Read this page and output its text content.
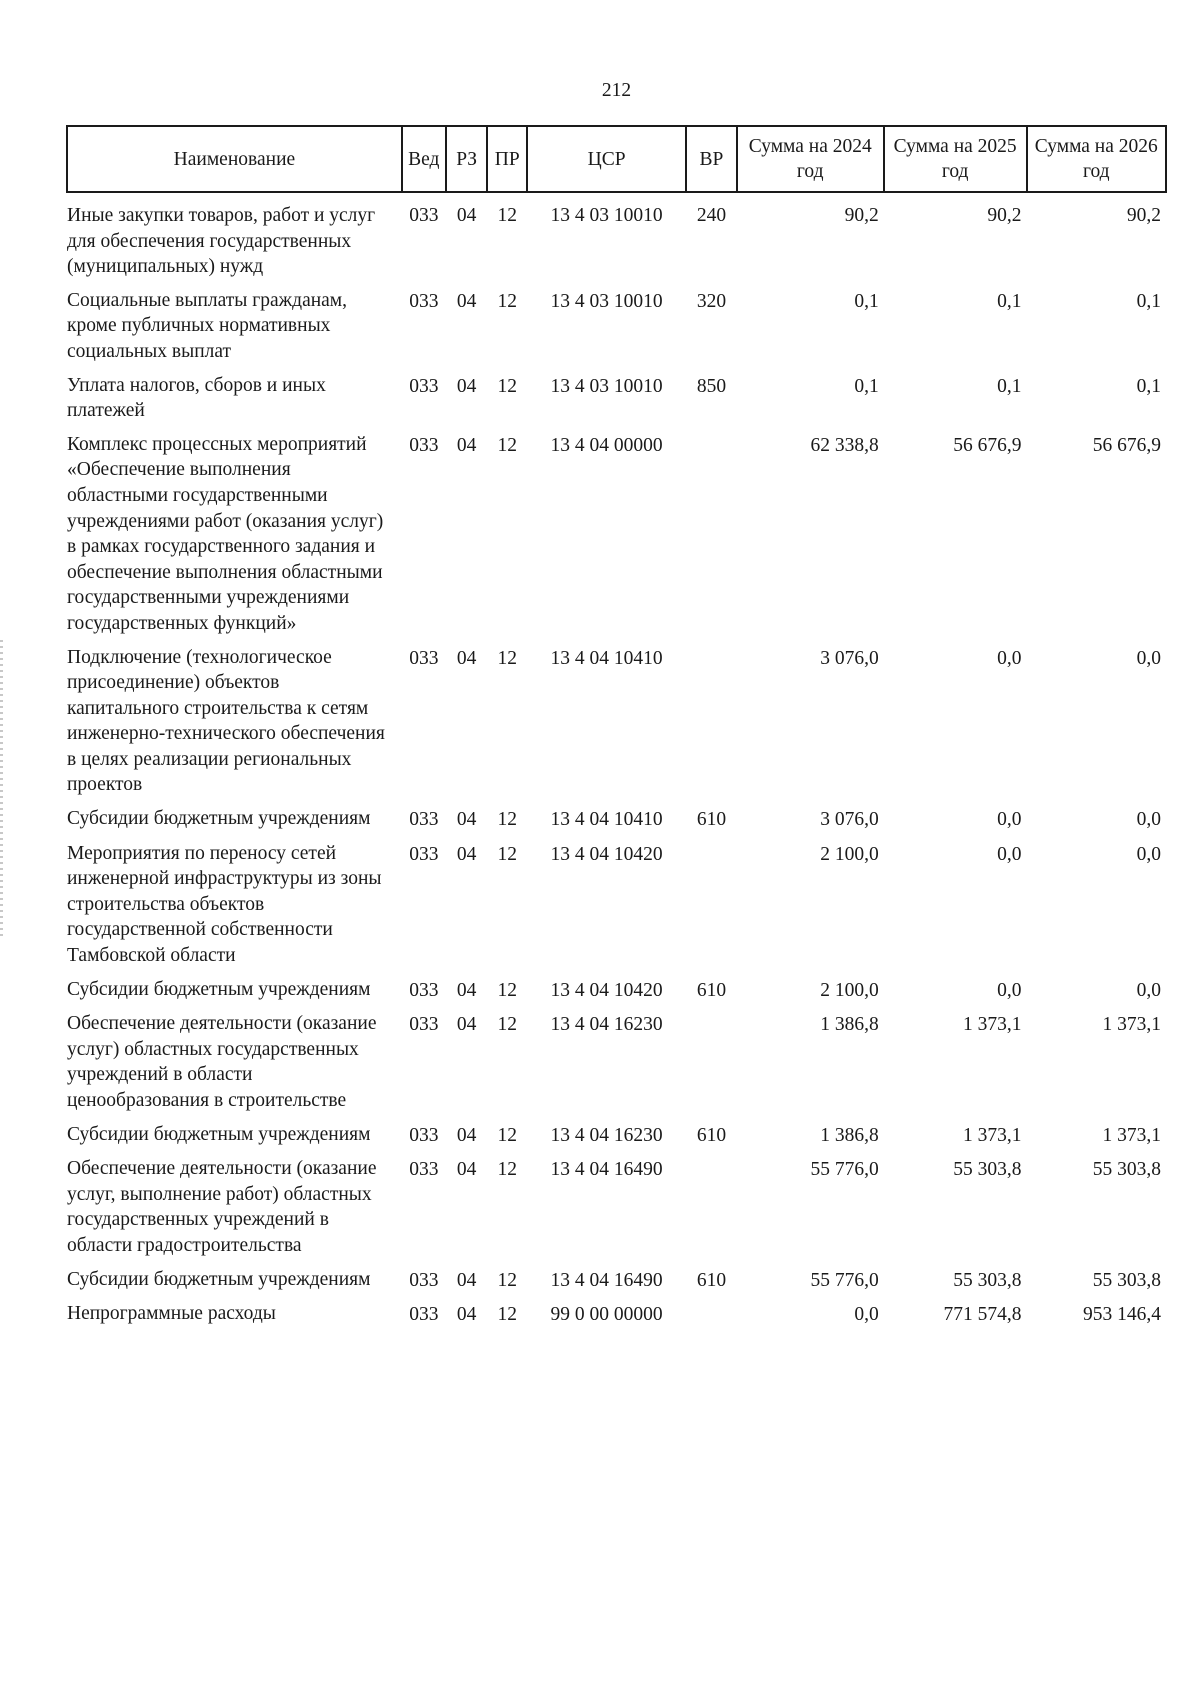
212
Наименование	Вед	РЗ	ПР	ЦСР	ВР	Сумма на 2024 год	Сумма на 2025 год	Сумма на 2026 год
Иные закупки товаров, работ и услуг для обеспечения государственных (муниципальных) нужд	033	04	12	13 4 03 10010	240	90,2	90,2	90,2
Социальные выплаты гражданам, кроме публичных нормативных социальных выплат	033	04	12	13 4 03 10010	320	0,1	0,1	0,1
Уплата налогов, сборов и иных платежей	033	04	12	13 4 03 10010	850	0,1	0,1	0,1
Комплекс процессных мероприятий «Обеспечение выполнения областными государственными учреждениями работ (оказания услуг) в рамках государственного задания и обеспечение выполнения областными государственными учреждениями государственных функций»	033	04	12	13 4 04 00000		62 338,8	56 676,9	56 676,9
Подключение (технологическое присоединение) объектов капитального строительства к сетям инженерно-технического обеспечения в целях реализации региональных проектов	033	04	12	13 4 04 10410		3 076,0	0,0	0,0
Субсидии бюджетным учреждениям	033	04	12	13 4 04 10410	610	3 076,0	0,0	0,0
Мероприятия по переносу сетей инженерной инфраструктуры из зоны строительства объектов государственной собственности Тамбовской области	033	04	12	13 4 04 10420		2 100,0	0,0	0,0
Субсидии бюджетным учреждениям	033	04	12	13 4 04 10420	610	2 100,0	0,0	0,0
Обеспечение деятельности (оказание услуг) областных государственных учреждений в области ценообразования в строительстве	033	04	12	13 4 04 16230		1 386,8	1 373,1	1 373,1
Субсидии бюджетным учреждениям	033	04	12	13 4 04 16230	610	1 386,8	1 373,1	1 373,1
Обеспечение деятельности (оказание услуг, выполнение работ) областных государственных учреждений в области градостроительства	033	04	12	13 4 04 16490		55 776,0	55 303,8	55 303,8
Субсидии бюджетным учреждениям	033	04	12	13 4 04 16490	610	55 776,0	55 303,8	55 303,8
Непрограммные расходы	033	04	12	99 0 00 00000		0,0	771 574,8	953 146,4
